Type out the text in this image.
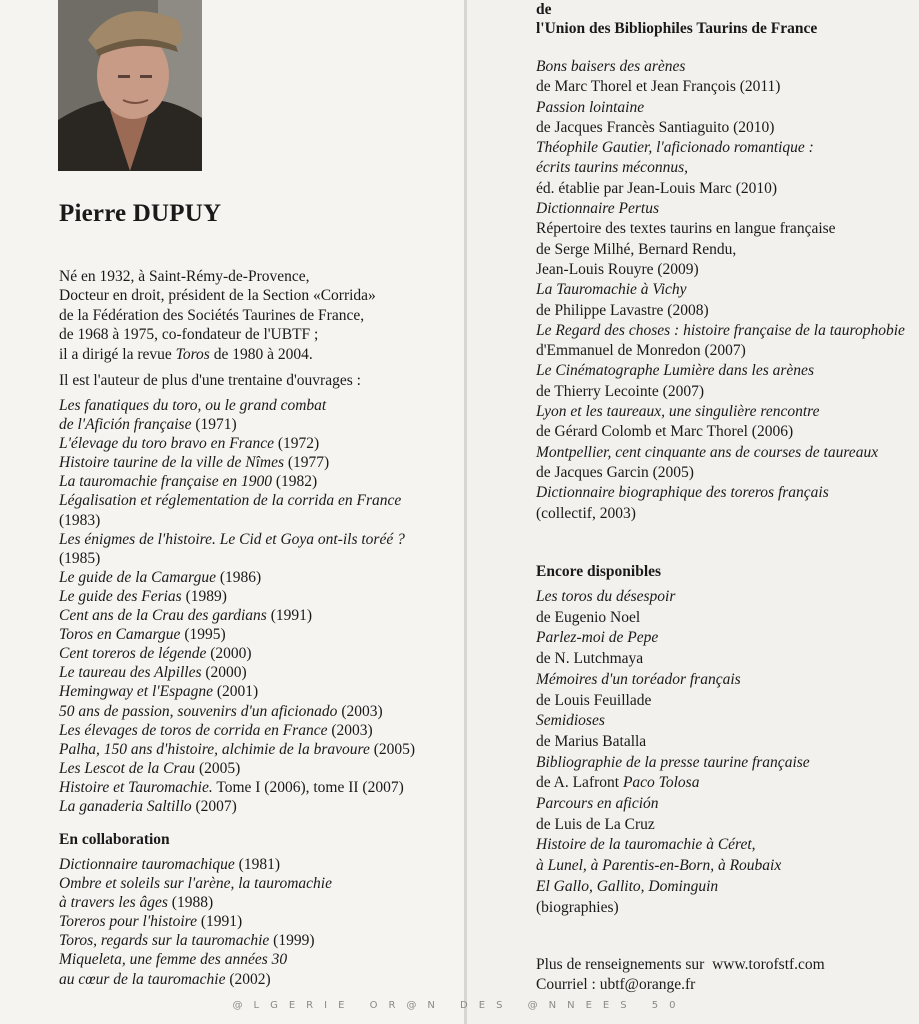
Pierre DUPUY
Né en 1932, à Saint-Rémy-de-Provence,
Docteur en droit, président de la Section «Corrida»
de la Fédération des Sociétés Taurines de France,
de 1968 à 1975, co-fondateur de l'UBTF ;
il a dirigé la revue Toros de 1980 à 2004.
Il est l'auteur de plus d'une trentaine d'ouvrages :
Les fanatiques du toro, ou le grand combat
de l'Afición française (1971)
L'élevage du toro bravo en France (1972)
Histoire taurine de la ville de Nîmes (1977)
La tauromachie française en 1900 (1982)
Légalisation et réglementation de la corrida en France
(1983)
Les énigmes de l'histoire. Le Cid et Goya ont-ils toréé ?
(1985)
Le guide de la Camargue (1986)
Le guide des Ferias (1989)
Cent ans de la Crau des gardians (1991)
Toros en Camargue (1995)
Cent toreros de légende (2000)
Le taureau des Alpilles (2000)
Hemingway et l'Espagne (2001)
50 ans de passion, souvenirs d'un aficionado (2003)
Les élevages de toros de corrida en France (2003)
Palha, 150 ans d'histoire, alchimie de la bravoure (2005)
Les Lescot de la Crau (2005)
Histoire et Tauromachie. Tome I (2006), tome II (2007)
La ganaderia Saltillo (2007)
En collaboration
Dictionnaire tauromachique (1981)
Ombre et soleils sur l'arène, la tauromachie
à travers les âges (1988)
Toreros pour l'histoire (1991)
Toros, regards sur la tauromachie (1999)
Miqueleta, une femme des années 30
au cœur de la tauromachie (2002)
de
l'Union des Bibliophiles Taurins de France
Bons baisers des arènes
de Marc Thorel et Jean François (2011)
Passion lointaine
de Jacques Francès Santiaguito (2010)
Théophile Gautier, l'aficionado romantique :
écrits taurins méconnus,
éd. établie par Jean-Louis Marc (2010)
Dictionnaire Pertus
Répertoire des textes taurins en langue française
de Serge Milhé, Bernard Rendu,
Jean-Louis Rouyre (2009)
La Tauromachie à Vichy
de Philippe Lavastre (2008)
Le Regard des choses : histoire française de la taurophobie
d'Emmanuel de Monredon (2007)
Le Cinématographe Lumière dans les arènes
de Thierry Lecointe (2007)
Lyon et les taureaux, une singulière rencontre
de Gérard Colomb et Marc Thorel (2006)
Montpellier, cent cinquante ans de courses de taureaux
de Jacques Garcin (2005)
Dictionnaire biographique des toreros français
(collectif, 2003)
Encore disponibles
Les toros du désespoir
de Eugenio Noel
Parlez-moi de Pepe
de N. Lutchmaya
Mémoires d'un toréador français
de Louis Feuillade
Semidioses
de Marius Batalla
Bibliographie de la presse taurine française
de A. Lafront Paco Tolosa
Parcours en afición
de Luis de La Cruz
Histoire de la tauromachie à Céret,
à Lunel, à Parentis-en-Born, à Roubaix
El Gallo, Gallito, Dominguin
(biographies)
Plus de renseignements sur www.torofstf.com
Courriel : ubtf@orange.fr
@LGERIE OR@N DES @NNEES 50
